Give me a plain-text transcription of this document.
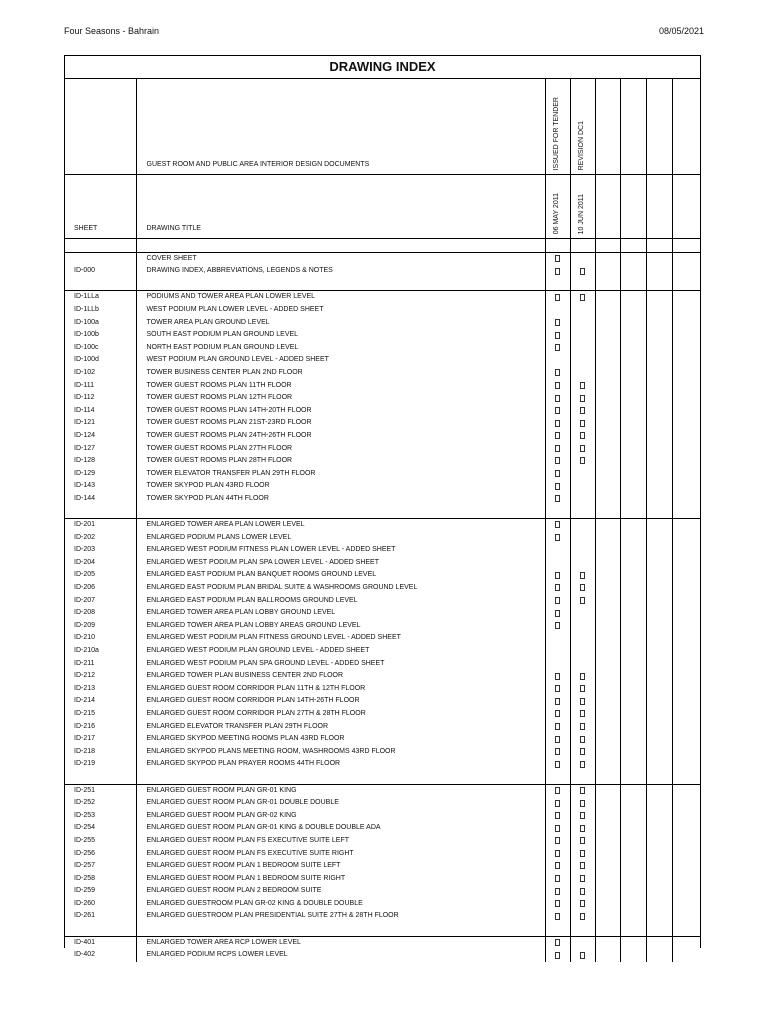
Four Seasons - Bahrain	08/05/2021
DRAWING INDEX
	GUEST ROOM AND PUBLIC AREA INTERIOR DESIGN DOCUMENTS	ISSUED FOR TENDER	REVISION DC1				

SHEET	DRAWING TITLE	06 MAY 2011	10 JUN 2011				

	COVER SHEET						
ID-000	DRAWING INDEX, ABBREVIATIONS, LEGENDS & NOTES						

ID-1LLa	PODIUMS AND TOWER AREA PLAN LOWER LEVEL						
ID-1LLb	WEST PODIUM PLAN LOWER LEVEL - ADDED SHEET						
ID-100a	TOWER AREA PLAN GROUND LEVEL						
ID-100b	SOUTH EAST PODIUM PLAN GROUND LEVEL						
ID-100c	NORTH EAST PODIUM PLAN GROUND LEVEL						
ID-100d	WEST PODIUM PLAN GROUND LEVEL - ADDED SHEET						
ID-102	TOWER BUSINESS CENTER PLAN 2ND FLOOR						
ID-111	TOWER GUEST ROOMS PLAN 11TH FLOOR						
ID-112	TOWER GUEST ROOMS PLAN 12TH FLOOR						
ID-114	TOWER GUEST ROOMS PLAN 14TH-20TH FLOOR						
ID-121	TOWER GUEST ROOMS PLAN 21ST-23RD FLOOR						
ID-124	TOWER GUEST ROOMS PLAN 24TH-26TH FLOOR						
ID-127	TOWER GUEST ROOMS PLAN 27TH FLOOR						
ID-128	TOWER GUEST ROOMS PLAN 28TH FLOOR						
ID-129	TOWER ELEVATOR TRANSFER PLAN 29TH FLOOR						
ID-143	TOWER SKYPOD PLAN 43RD FLOOR						
ID-144	TOWER SKYPOD PLAN 44TH FLOOR						

ID-201	ENLARGED TOWER AREA PLAN LOWER LEVEL						
ID-202	ENLARGED PODIUM PLANS LOWER LEVEL						
ID-203	ENLARGED WEST PODIUM FITNESS PLAN LOWER LEVEL - ADDED SHEET						
ID-204	ENLARGED WEST PODIUM PLAN SPA LOWER LEVEL - ADDED SHEET						
ID-205	ENLARGED EAST PODIUM PLAN BANQUET ROOMS GROUND LEVEL						
ID-206	ENLARGED EAST PODIUM PLAN BRIDAL SUITE & WASHROOMS GROUND LEVEL						
ID-207	ENLARGED EAST PODIUM PLAN BALLROOMS GROUND LEVEL						
ID-208	ENLARGED TOWER AREA PLAN LOBBY GROUND LEVEL						
ID-209	ENLARGED TOWER AREA PLAN LOBBY AREAS GROUND LEVEL						
ID-210	ENLARGED WEST PODIUM PLAN FITNESS GROUND LEVEL - ADDED SHEET						
ID-210a	ENLARGED WEST PODIUM PLAN GROUND LEVEL - ADDED SHEET						
ID-211	ENLARGED WEST PODIUM PLAN SPA GROUND LEVEL - ADDED SHEET						
ID-212	ENLARGED TOWER PLAN BUSINESS CENTER 2ND FLOOR						
ID-213	ENLARGED GUEST ROOM CORRIDOR PLAN 11TH & 12TH FLOOR						
ID-214	ENLARGED GUEST ROOM CORRIDOR PLAN 14TH-26TH FLOOR						
ID-215	ENLARGED GUEST ROOM CORRIDOR PLAN 27TH & 28TH FLOOR						
ID-216	ENLARGED ELEVATOR TRANSFER PLAN 29TH FLOOR						
ID-217	ENLARGED SKYPOD MEETING ROOMS PLAN 43RD FLOOR						
ID-218	ENLARGED SKYPOD PLANS MEETING ROOM, WASHROOMS 43RD FLOOR						
ID-219	ENLARGED SKYPOD PLAN PRAYER ROOMS 44TH FLOOR						

ID-251	ENLARGED GUEST ROOM PLAN GR-01 KING						
ID-252	ENLARGED GUEST ROOM PLAN GR-01 DOUBLE DOUBLE						
ID-253	ENLARGED GUEST ROOM PLAN GR-02 KING						
ID-254	ENLARGED GUEST ROOM PLAN GR-01 KING & DOUBLE DOUBLE ADA						
ID-255	ENLARGED GUEST ROOM PLAN FS EXECUTIVE SUITE LEFT						
ID-256	ENLARGED GUEST ROOM PLAN FS EXECUTIVE SUITE RIGHT						
ID-257	ENLARGED GUEST ROOM PLAN 1 BEDROOM SUITE LEFT						
ID-258	ENLARGED GUEST ROOM PLAN 1 BEDROOM SUITE RIGHT						
ID-259	ENLARGED GUEST ROOM PLAN 2 BEDROOM SUITE						
ID-260	ENLARGED GUESTROOM PLAN GR-02 KING & DOUBLE DOUBLE						
ID-261	ENLARGED GUESTROOM PLAN PRESIDENTIAL SUITE 27TH & 28TH FLOOR						

ID-401	ENLARGED TOWER AREA RCP LOWER LEVEL						
ID-402	ENLARGED PODIUM RCPS LOWER LEVEL						
